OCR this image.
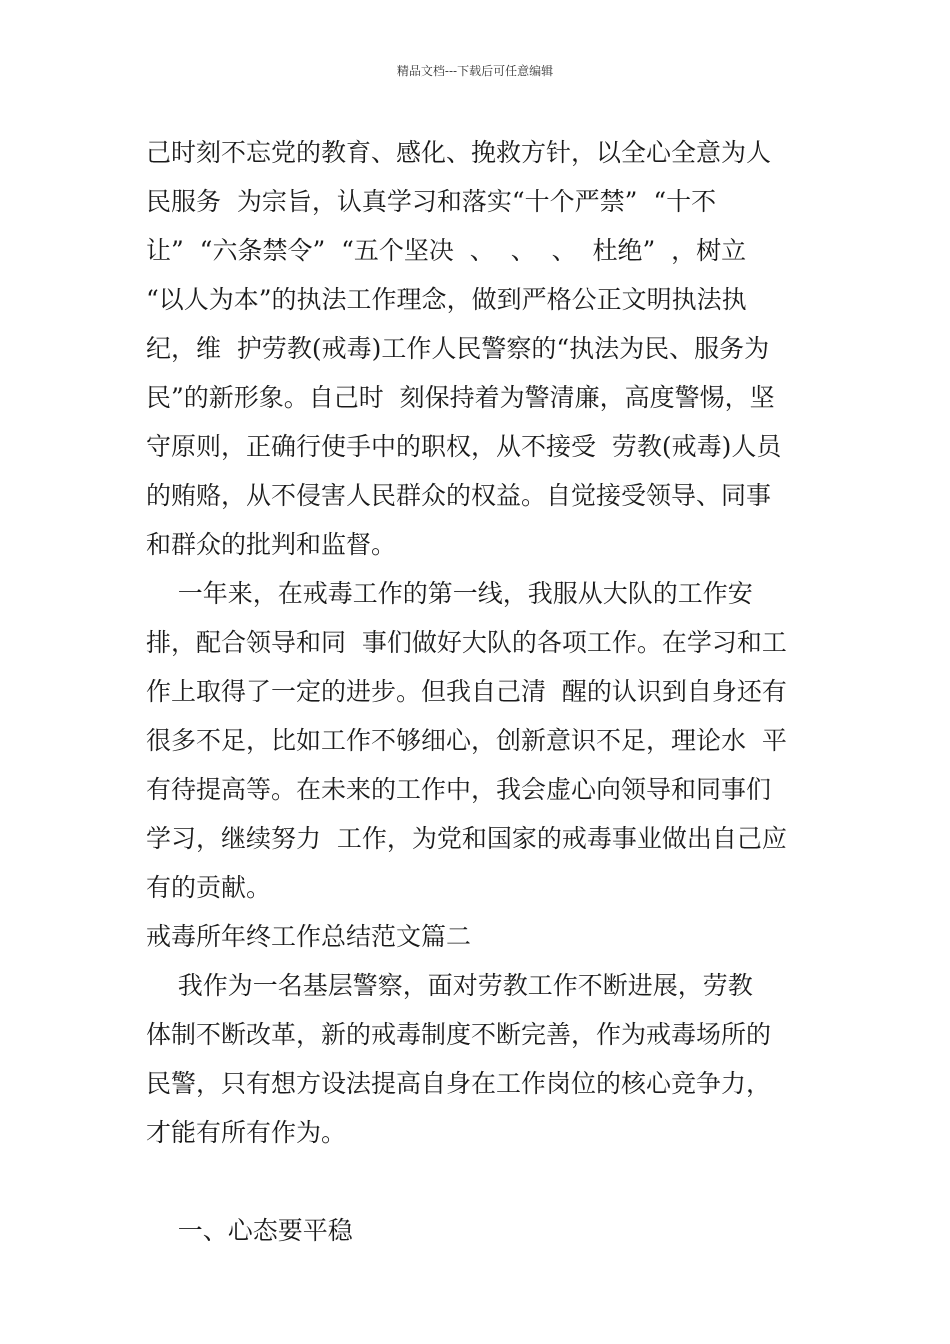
精品文档---下载后可任意编辑
己时刻不忘党的教育、感化、挽救方针，以全心全意为人
民服务  为宗旨，认真学习和落实“十个严禁”  “十不
让”  “六条禁令”  “五个坚决  、  、  、  杜绝”  ，树立
“以人为本”的执法工作理念，做到严格公正文明执法执
纪，维  护劳教(戒毒)工作人民警察的“执法为民、服务为
民”的新形象。自己时  刻保持着为警清廉，高度警惕，坚
守原则，正确行使手中的职权，从不接受  劳教(戒毒)人员
的贿赂，从不侵害人民群众的权益。自觉接受领导、同事
和群众的批判和监督。
一年来，在戒毒工作的第一线，我服从大队的工作安
排，配合领导和同  事们做好大队的各项工作。在学习和工
作上取得了一定的进步。但我自己清  醒的认识到自身还有
很多不足，比如工作不够细心，创新意识不足，理论水  平
有待提高等。在未来的工作中，我会虚心向领导和同事们
学习，继续努力  工作，为党和国家的戒毒事业做出自己应
有的贡献。
戒毒所年终工作总结范文篇二
我作为一名基层警察，面对劳教工作不断进展，劳教
体制不断改革，新的戒毒制度不断完善，作为戒毒场所的
民警，只有想方设法提高自身在工作岗位的核心竞争力，
才能有所有作为。
一、心态要平稳
